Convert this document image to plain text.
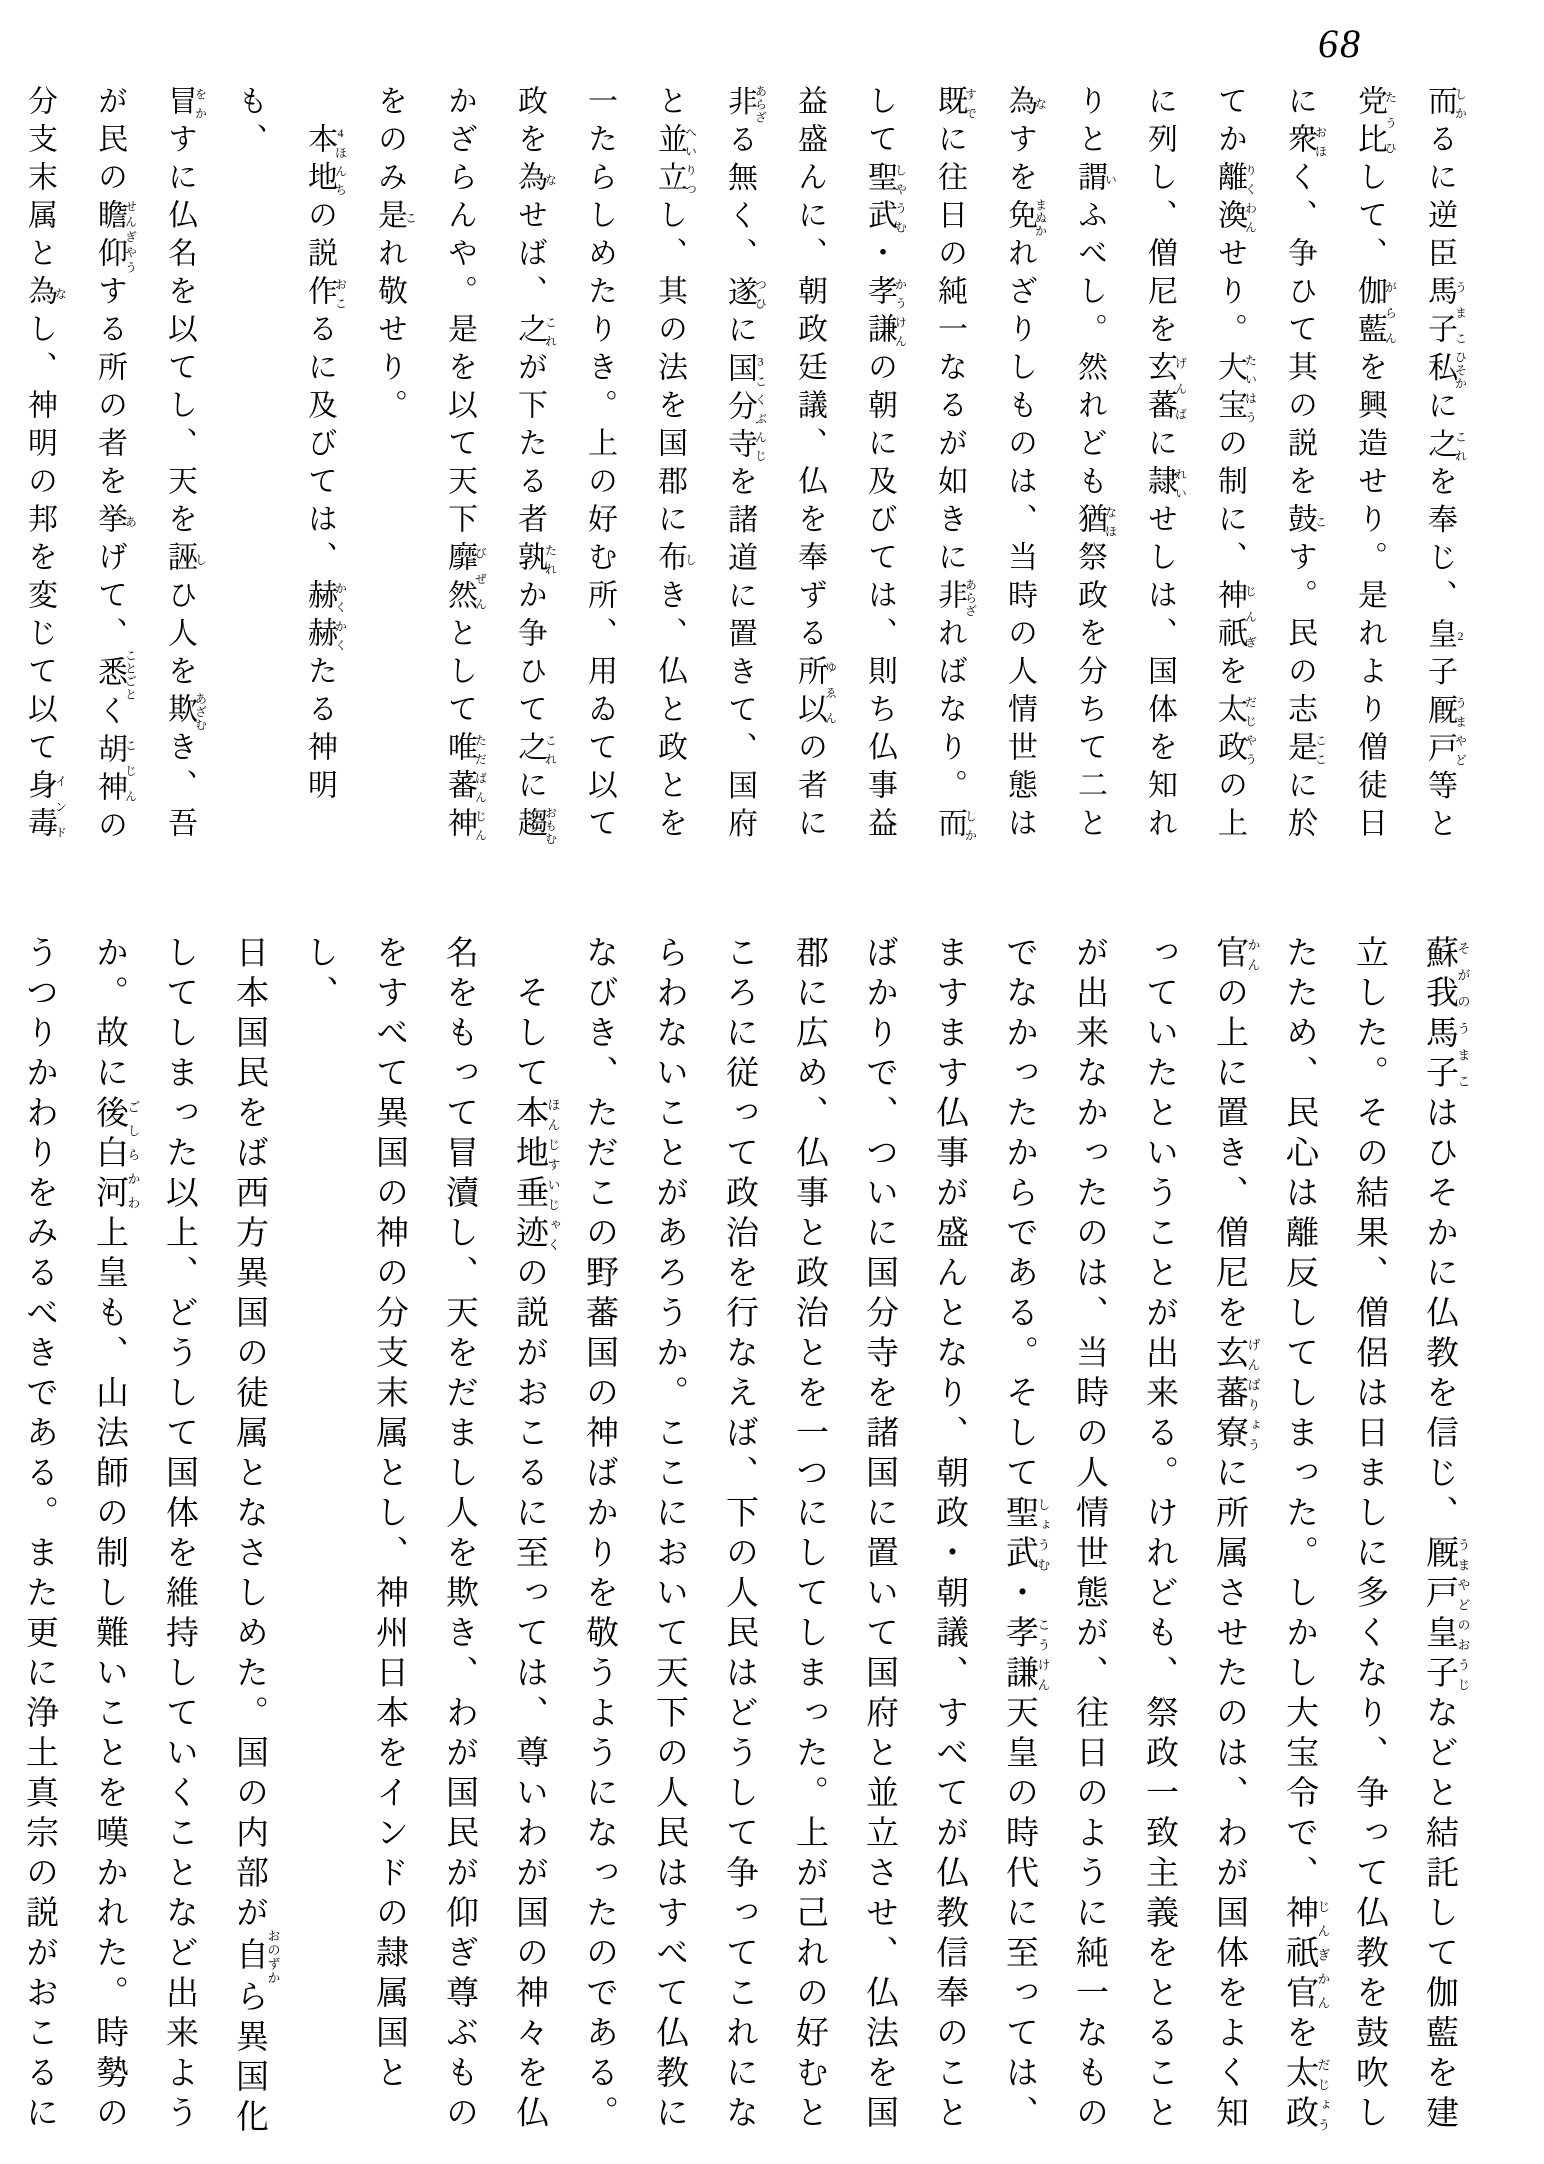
68

而しかるに逆臣馬子うまこ私ひそかに之これを奉じ、皇2子厩戸うまやど等と

党比たうひして、伽藍がらんを興造せり。是れより僧徒日

に衆おほく、争ひて其の説を鼓こす。民の志是ここに於

てか離渙りくわんせり。大宝たいはうの制に、神祇じんぎを太政だじやうの上

に列し、僧尼を玄蕃げんばに隷れいせしは、国体を知れ

りと謂いふべし。然れども猶なほ祭政を分ちて二と

為なすを免まぬかれざりしものは、当時の人情世態は

既すでに往日の純一なるが如きに非あらざればなり。而しか

して聖武しやうむ・孝謙かうけんの朝に及びては、則ち仏事益

益盛んに、朝政廷議、仏を奉ずる所以ゆゑんの者に

非あらざる無く、遂つひに国分寺3こくぶんじを諸道に置きて、国府

と並立へいりつし、其の法を国郡に布しき、仏と政とを

一たらしめたりき。上の好む所、用ゐて以て

政を為なせば、之これが下たる者孰たれか争ひて之これに趨おもむ

かざらんや。是を以て天下靡然びぜんとして唯蕃神ただばんじん

をのみ是これ敬せり。

本地4ほんちの説作おこるに及びては、赫赫かくかくたる神明も、

冒をかすに仏名を以てし、天を誣しひ人を欺あざむき、吾

が民の瞻仰せんぎやうする所の者を挙あげて、悉ことごとく胡神こじんの

分支末属と為なし、神明の邦を変じて以て身毒インド

蘇我馬子そがのうまこはひそかに仏教を信じ、厩戸皇子うまやどのおうじなどと結託して伽藍を建

立した。その結果、僧侶は日ましに多くなり、争って仏教を鼓吹し

たため、民心は離反してしまった。しかし大宝令で、神祇官じんぎかんを太政だじょう

官かんの上に置き、僧尼を玄蕃寮げんばりょうに所属させたのは、わが国体をよく知

っていたということが出来る。けれども、祭政一致主義をとること

が出来なかったのは、当時の人情世態が、往日のように純一なもの

でなかったからである。そして聖武しょうむ・孝謙こうけん天皇の時代に至っては、

ますます仏事が盛んとなり、朝政・朝議、すべてが仏教信奉のこと

ばかりで、ついに国分寺を諸国に置いて国府と並立させ、仏法を国

郡に広め、仏事と政治とを一つにしてしまった。上が己れの好むと

ころに従って政治を行なえば、下の人民はどうして争ってこれにな

らわないことがあろうか。ここにおいて天下の人民はすべて仏教に

なびき、ただこの野蕃国の神ばかりを敬うようになったのである。

そして本地垂迹ほんじすいじゃくの説がおこるに至っては、尊いわが国の神々を仏

名をもって冒瀆し、天をだまし人を欺き、わが国民が仰ぎ尊ぶもの

をすべて異国の神の分支末属とし、神州日本をインドの隷属国とし、

日本国民をば西方異国の徒属となさしめた。国の内部が自おのずから異国化

してしまった以上、どうして国体を維持していくことなど出来よう

か。故に後白河ごしらかわ上皇も、山法師の制し難いことを嘆かれた。時勢の

うつりかわりをみるべきである。また更に浄土真宗の説がおこるに
